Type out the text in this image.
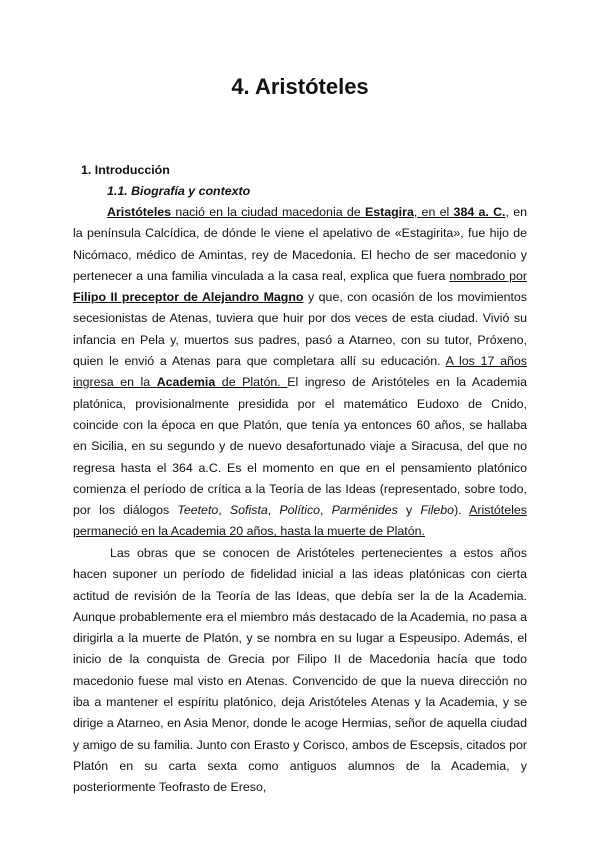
4. Aristóteles
1. Introducción
1.1. Biografía y contexto

Aristóteles nació en la ciudad macedonia de Estagira, en el 384 a. C., en la península Calcídica, de dónde le viene el apelativo de «Estagirita», fue hijo de Nicómaco, médico de Amintas, rey de Macedonia. El hecho de ser macedonio y pertenecer a una familia vinculada a la casa real, explica que fuera nombrado por Filipo II preceptor de Alejandro Magno y que, con ocasión de los movimientos secesionistas de Atenas, tuviera que huir por dos veces de esta ciudad. Vivió su infancia en Pela y, muertos sus padres, pasó a Atarneo, con su tutor, Próxeno, quien le envió a Atenas para que completara allí su educación. A los 17 años ingresa en la Academia de Platón. El ingreso de Aristóteles en la Academia platónica, provisionalmente presidida por el matemático Eudoxo de Cnido, coincide con la época en que Platón, que tenía ya entonces 60 años, se hallaba en Sicilia, en su segundo y de nuevo desafortunado viaje a Siracusa, del que no regresa hasta el 364 a.C. Es el momento en que en el pensamiento platónico comienza el período de crítica a la Teoría de las Ideas (representado, sobre todo, por los diálogos Teeteto, Sofista, Político, Parménides y Filebo). Aristóteles permaneció en la Academia 20 años, hasta la muerte de Platón.

Las obras que se conocen de Aristóteles pertenecientes a estos años hacen suponer un período de fidelidad inicial a las ideas platónicas con cierta actitud de revisión de la Teoría de las Ideas, que debía ser la de la Academia. Aunque probablemente era el miembro más destacado de la Academia, no pasa a dirigirla a la muerte de Platón, y se nombra en su lugar a Espeusipo. Además, el inicio de la conquista de Grecia por Filipo II de Macedonia hacía que todo macedonio fuese mal visto en Atenas. Convencido de que la nueva dirección no iba a mantener el espíritu platónico, deja Aristóteles Atenas y la Academia, y se dirige a Atarneo, en Asia Menor, donde le acoge Hermias, señor de aquella ciudad y amigo de su familia. Junto con Erasto y Corisco, ambos de Escepsis, citados por Platón en su carta sexta como antiguos alumnos de la Academia, y posteriormente Teofrasto de Ereso,
